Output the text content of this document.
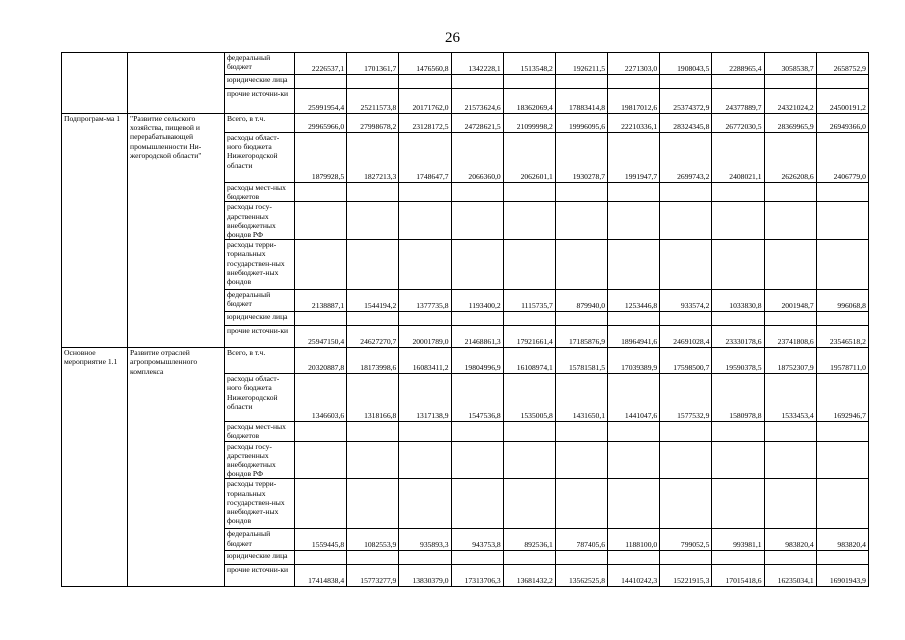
26
		федеральный бюджет	2226537,1	1701361,7	1476560,8	1342228,1	1513548,2	1926211,5	2271303,0	1908043,5	2288965,4	3058538,7	2658752,9
		юридические лица											
		прочие источни-ки	25991954,4	25211573,8	20171762,0	21573624,6	18362069,4	17883414,8	19817012,6	25374372,9	24377889,7	24321024,2	24500191,2
Подпрограм-ма 1	"Развитие сельского хозяйства, пищевой и перерабатывающей промышленности Ни-жегородской области"	Всего, в т.ч.	29965966,0	27998678,2	23128172,5	24728621,5	21099998,2	19996095,6	22210336,1	28324345,8	26772030,5	28369965,9	26949366,0
		расходы област-ного бюджета Нижегородской области	1879928,5	1827213,3	1748647,7	2066360,0	2062601,1	1930278,7	1991947,7	2699743,2	2408021,1	2626208,6	2406779,0
		расходы мест-ных бюджетов											
		расходы госу-дарственных внебюджетных фондов РФ											
		расходы терри-ториальных государствен-ных внебюджет-ных фондов											
		федеральный бюджет	2138887,1	1544194,2	1377735,8	1193400,2	1115735,7	879940,0	1253446,8	933574,2	1033830,8	2001948,7	996068,8
		юридические лица											
		прочие источни-ки	25947150,4	24627270,7	20001789,0	21468861,3	17921661,4	17185876,9	18964941,6	24691028,4	23330178,6	23741808,6	23546518,2
Основное мероприятие 1.1	Развитие отраслей агропромышленного комплекса	Всего, в т.ч.	20320887,8	18173998,6	16083411,2	19804996,9	16108974,1	15781581,5	17039389,9	17598500,7	19590378,5	18752307,9	19578711,0
		расходы област-ного бюджета Нижегородской области	1346603,6	1318166,8	1317138,9	1547536,8	1535005,8	1431650,1	1441047,6	1577532,9	1580978,8	1533453,4	1692946,7
		расходы мест-ных бюджетов											
		расходы госу-дарственных внебюджетных фондов РФ											
		расходы терри-ториальных государствен-ных внебюджет-ных фондов											
		федеральный бюджет	1559445,8	1082553,9	935893,3	943753,8	892536,1	787405,6	1188100,0	799052,5	993981,1	983820,4	983820,4
		юридические лица											
		прочие источни-ки	17414838,4	15773277,9	13830379,0	17313706,3	13681432,2	13562525,8	14410242,3	15221915,3	17015418,6	16235034,1	16901943,9
